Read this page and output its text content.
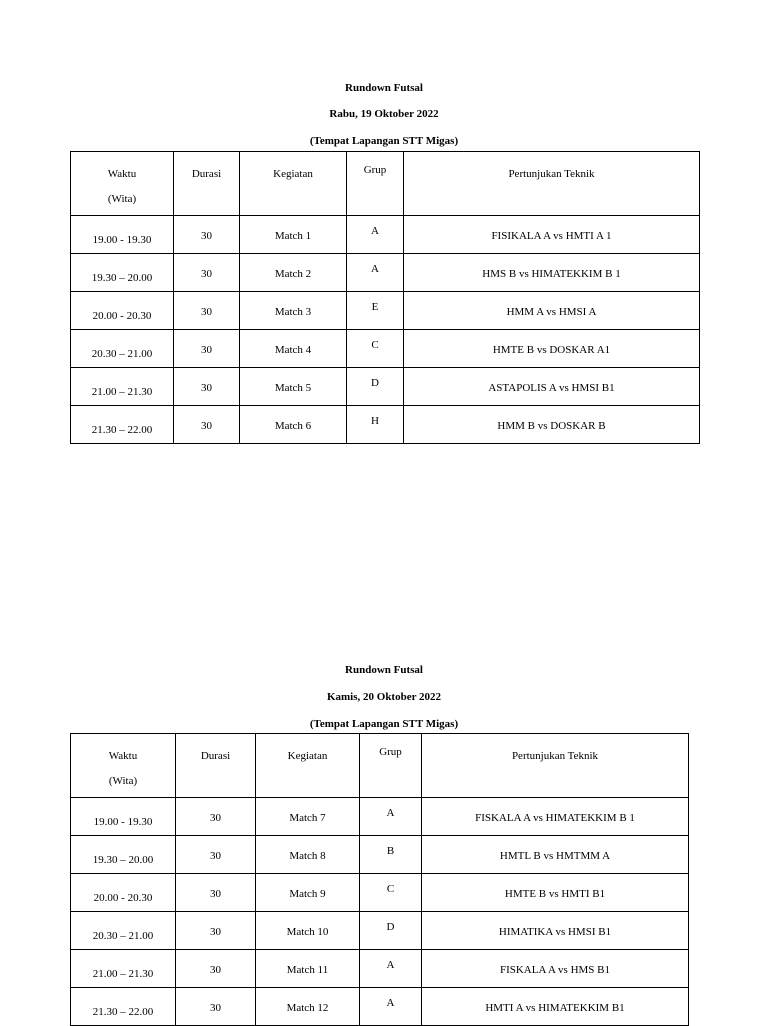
Rundown Futsal
Rabu, 19 Oktober 2022
(Tempat Lapangan STT Migas)
Waktu
(Wita)	Durasi	Kegiatan	Grup	Pertunjukan Teknik

19.00 - 19.30	30	Match 1	A	FISIKALA A vs HMTI A 1
19.30 – 20.00	30	Match 2	A	HMS B vs HIMATEKKIM B 1
20.00 - 20.30	30	Match 3	E	HMM A vs HMSI A
20.30 – 21.00	30	Match 4	C	HMTE B vs DOSKAR A1
21.00 – 21.30	30	Match 5	D	ASTAPOLIS A vs HMSI B1
21.30 – 22.00	30	Match 6	H	HMM B vs DOSKAR B
Rundown Futsal
Kamis, 20 Oktober 2022
(Tempat Lapangan STT Migas)
Waktu
(Wita)	Durasi	Kegiatan	Grup	Pertunjukan Teknik

19.00 - 19.30	30	Match 7	A	FISKALA A vs HIMATEKKIM B 1
19.30 – 20.00	30	Match 8	B	HMTL B vs HMTMM A
20.00 - 20.30	30	Match 9	C	HMTE B vs HMTI B1
20.30 – 21.00	30	Match 10	D	HIMATIKA vs HMSI B1
21.00 – 21.30	30	Match 11	A	FISKALA A vs HMS B1
21.30 – 22.00	30	Match 12	A	HMTI A vs HIMATEKKIM B1
